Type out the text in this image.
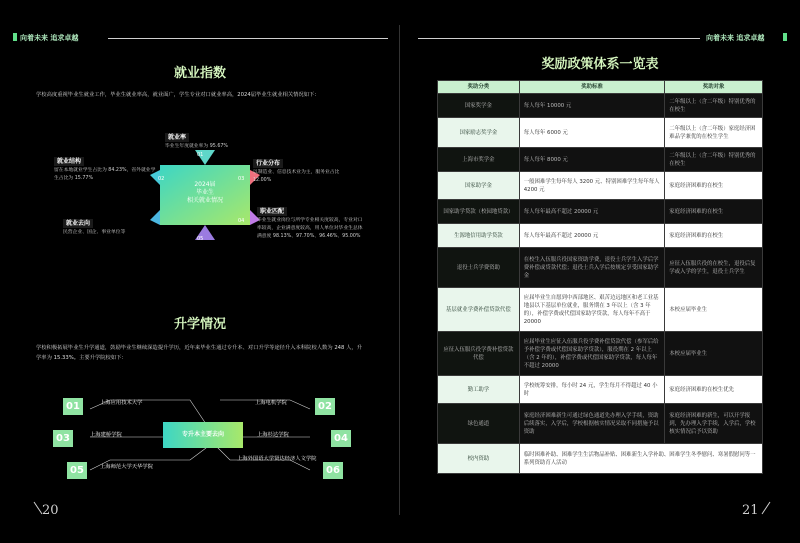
向着未来 追求卓越	向着未来 追求卓越
就业指数
学校高度重视毕业生就业工作，毕业生就业率高，就业面广，学生专业对口就业率高，2024届毕业生就业相关情况如下：
2024届
毕业生
相关就业情况
01
05
02	03
04
就业率
毕业生年度就业率为 95.67%
就业结构
留在本地就业学生占比为 84.23%，省外就业学生占比为 15.77%
行业分布
以制造业、信息技术业为主，服务业占比 12.00%
就业去向
民营企业、国企、事业单位等
职业匹配
毕业生就业岗位与所学专业相关度较高，专业对口率较高，企业满意度较高，用人单位对毕业生总体满意度 98.13%、97.70%、96.46%、95.00%
升学情况
学校积极拓展毕业生升学通道，鼓励毕业生继续深造提升学历，近年来毕业生通过专升本、对口升学等途径升入本科院校人数为 248 人，升学率为 15.33%。主要升学院校如下：
专升本主要去向
01	上海应用技术大学	02
上海电机学院
03	上海建桥学院	04
上海杉达学院
05	上海师范大学天华学院	06
上海外国语大学贤达经济人文学院
奖励政策体系一览表
奖助分类	奖助标准	奖助对象
国家奖学金	每人每年 10000 元	二年级以上（含二年级）特别优秀的在校生
国家励志奖学金	每人每年 6000 元	二年级以上（含二年级）家庭经济困难品学兼优的在校生学生
上海市奖学金	每人每年 8000 元	二年级以上（含二年级）特别优秀的在校生
国家助学金	一般困难学生每年每人 3200 元、特别困难学生每年每人 4200 元	家庭经济困难的在校生
国家助学贷款（校园地贷款）	每人每年最高不超过 20000 元	家庭经济困难的在校生
生源地信用助学贷款	每人每年最高不超过 20000 元	家庭经济困难的在校生
退役士兵学费资助	在校生入伍服兵役国家资助学费，退役士兵学生入学后学费补偿或贷款代偿；退役士兵入学后按规定享受国家助学金	应征入伍服兵役的在校生，退役后复学或入学的学生，退役士兵学生
基层就业学费补偿贷款代偿	应届毕业生自愿到中西部地区、艰苦边远地区和老工业基地县以下基层单位就业，服务期在 3 年以上（含 3 年的），补偿学费或代偿国家助学贷款，每人每年不高于 20000	本校应届毕业生
应征入伍服兵役学费补偿贷款代偿	应届毕业生应征入伍服兵役学费补偿贷款代偿（参军后给予补偿学费或代偿国家助学贷款），服役期在 2 年以上（含 2 年的），补偿学费或代偿国家助学贷款，每人每年不超过 20000	本校应届毕业生
勤工助学	学校统筹安排，每小时 24 元，学生每月不得超过 40 小时	家庭经济困难的在校生优先
绿色通道	家庭经济困难新生可通过绿色通道先办理入学手续，资助后续落实，入学后，学校根据核实情况采取不同措施予以资助	家庭经济困难的新生，可以开学报到，先办理入学手续，入学后，学校核实情况后予以资助
校内资助	临时困难补助、困难学生生活物品补贴、困难新生入学补助、困难学生冬季慰问、寒暑假慰问等一系列资助育人活动	
20	21
